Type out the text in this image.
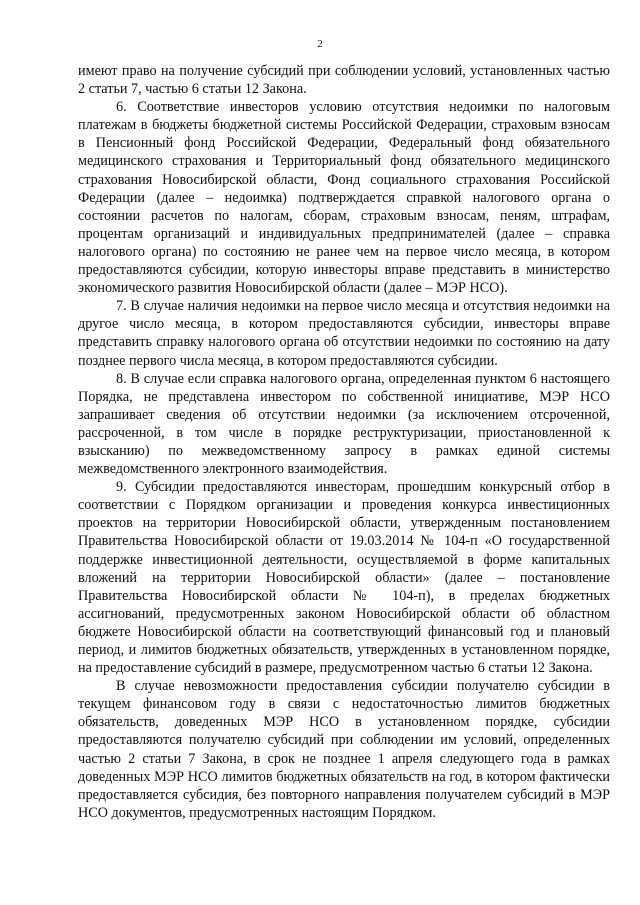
2

имеют право на получение субсидий при соблюдении условий, установленных частью 2 статьи 7, частью 6 статьи 12 Закона.

6. Соответствие инвесторов условию отсутствия недоимки по налоговым платежам в бюджеты бюджетной системы Российской Федерации, страховым взносам в Пенсионный фонд Российской Федерации, Федеральный фонд обязательного медицинского страхования и Территориальный фонд обязательного медицинского страхования Новосибирской области, Фонд социального страхования Российской Федерации (далее – недоимка) подтверждается справкой налогового органа о состоянии расчетов по налогам, сборам, страховым взносам, пеням, штрафам, процентам организаций и индивидуальных предпринимателей (далее – справка налогового органа) по состоянию не ранее чем на первое число месяца, в котором предоставляются субсидии, которую инвесторы вправе представить в министерство экономического развития Новосибирской области (далее – МЭР НСО).

7. В случае наличия недоимки на первое число месяца и отсутствия недоимки на другое число месяца, в котором предоставляются субсидии, инвесторы вправе представить справку налогового органа об отсутствии недоимки по состоянию на дату позднее первого числа месяца, в котором предоставляются субсидии.

8. В случае если справка налогового органа, определенная пунктом 6 настоящего Порядка, не представлена инвестором по собственной инициативе, МЭР НСО запрашивает сведения об отсутствии недоимки (за исключением отсроченной, рассроченной, в том числе в порядке реструктуризации, приостановленной к взысканию) по межведомственному запросу в рамках единой системы межведомственного электронного взаимодействия.

9. Субсидии предоставляются инвесторам, прошедшим конкурсный отбор в соответствии с Порядком организации и проведения конкурса инвестиционных проектов на территории Новосибирской области, утвержденным постановлением Правительства Новосибирской области от 19.03.2014 № 104-п «О государственной поддержке инвестиционной деятельности, осуществляемой в форме капитальных вложений на территории Новосибирской области» (далее – постановление Правительства Новосибирской области № 104-п), в пределах бюджетных ассигнований, предусмотренных законом Новосибирской области об областном бюджете Новосибирской области на соответствующий финансовый год и плановый период, и лимитов бюджетных обязательств, утвержденных в установленном порядке, на предоставление субсидий в размере, предусмотренном частью 6 статьи 12 Закона.

В случае невозможности предоставления субсидии получателю субсидии в текущем финансовом году в связи с недостаточностью лимитов бюджетных обязательств, доведенных МЭР НСО в установленном порядке, субсидии предоставляются получателю субсидий при соблюдении им условий, определенных частью 2 статьи 7 Закона, в срок не позднее 1 апреля следующего года в рамках доведенных МЭР НСО лимитов бюджетных обязательств на год, в котором фактически предоставляется субсидия, без повторного направления получателем субсидий в МЭР НСО документов, предусмотренных настоящим Порядком.
